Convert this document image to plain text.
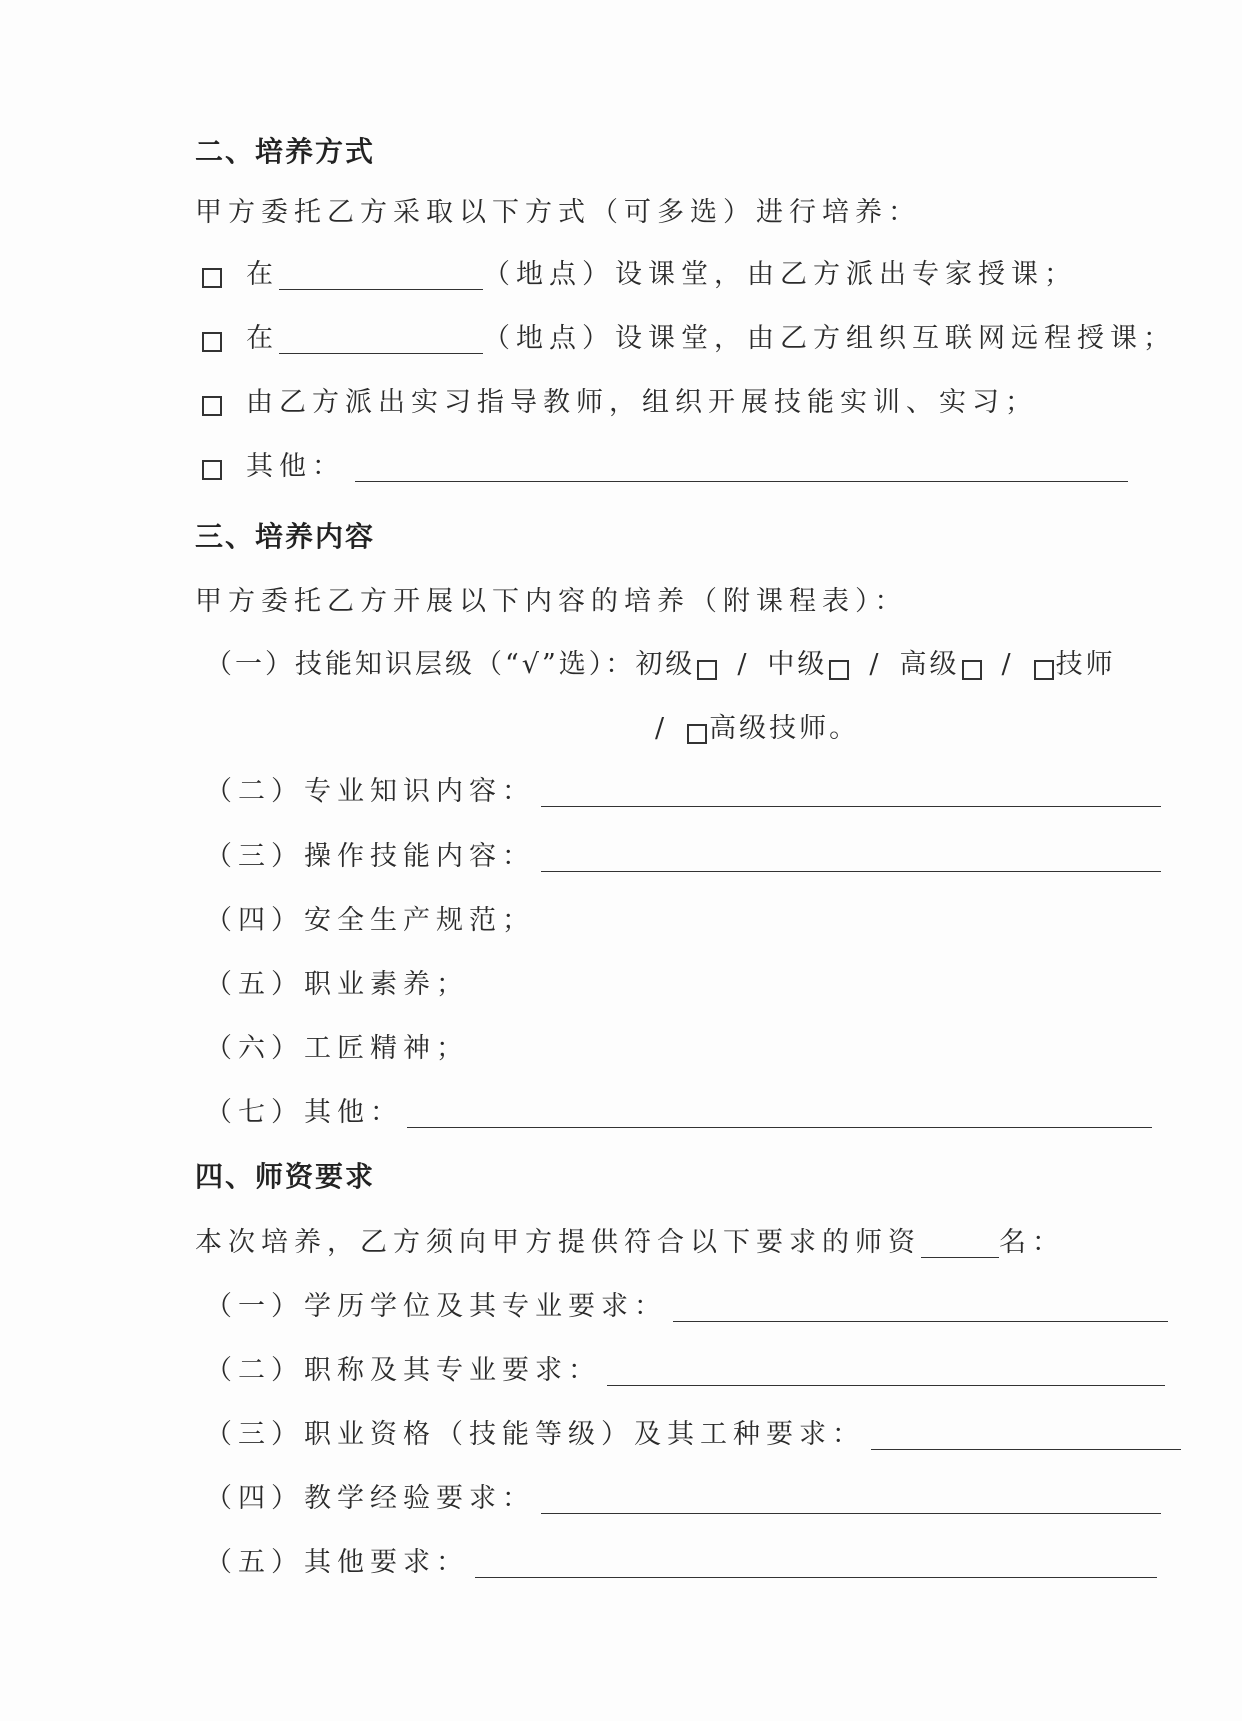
二、培养方式
甲方委托乙方采取以下方式（可多选）进行培养：
在	（地点）设课堂，由乙方派出专家授课；
在	（地点）设课堂，由乙方组织互联网远程授课；
由乙方派出实习指导教师，组织开展技能实训、实习；
其他：
三、培养内容
甲方委托乙方开展以下内容的培养（附课程表）：
（一）技能知识层级（“√”选）： 初级 / 中级 / 高级 / 技师
/ 高级技师。
（二）专业知识内容：
（三）操作技能内容：
（四）安全生产规范；
（五）职业素养；
（六）工匠精神；
（七）其他：
四、师资要求
本次培养，乙方须向甲方提供符合以下要求的师资	名：
（一）学历学位及其专业要求：
（二）职称及其专业要求：
（三）职业资格（技能等级）及其工种要求：
（四）教学经验要求：
（五）其他要求：
